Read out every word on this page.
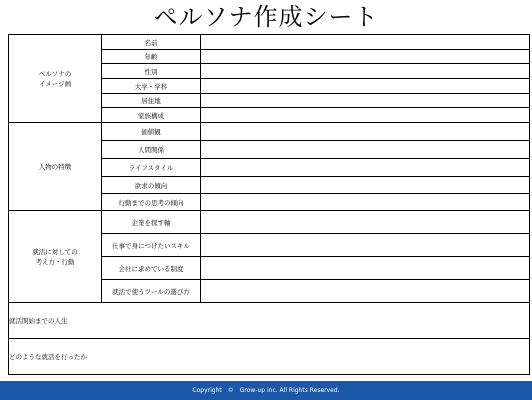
ペルソナ作成シート
ペルソナの
イメージ画	名前	
	年齢	
	性別	
	大学・学科	
	居住地	
	家族構成	
人物の特徴	価値観	
	人間関係	
	ライフスタイル	
	欲求の傾向	
	行動までの思考の傾向	
就活に対しての
考え方・行動	企業を探す軸	
	仕事で身につけたいスキル	
	会社に求めている制度	
	就活で使うツールの選び方	
就活開始までの人生		
どのような就活を行ったか		
Copyright　©　Grow-up inc. All Rights Reserved.
